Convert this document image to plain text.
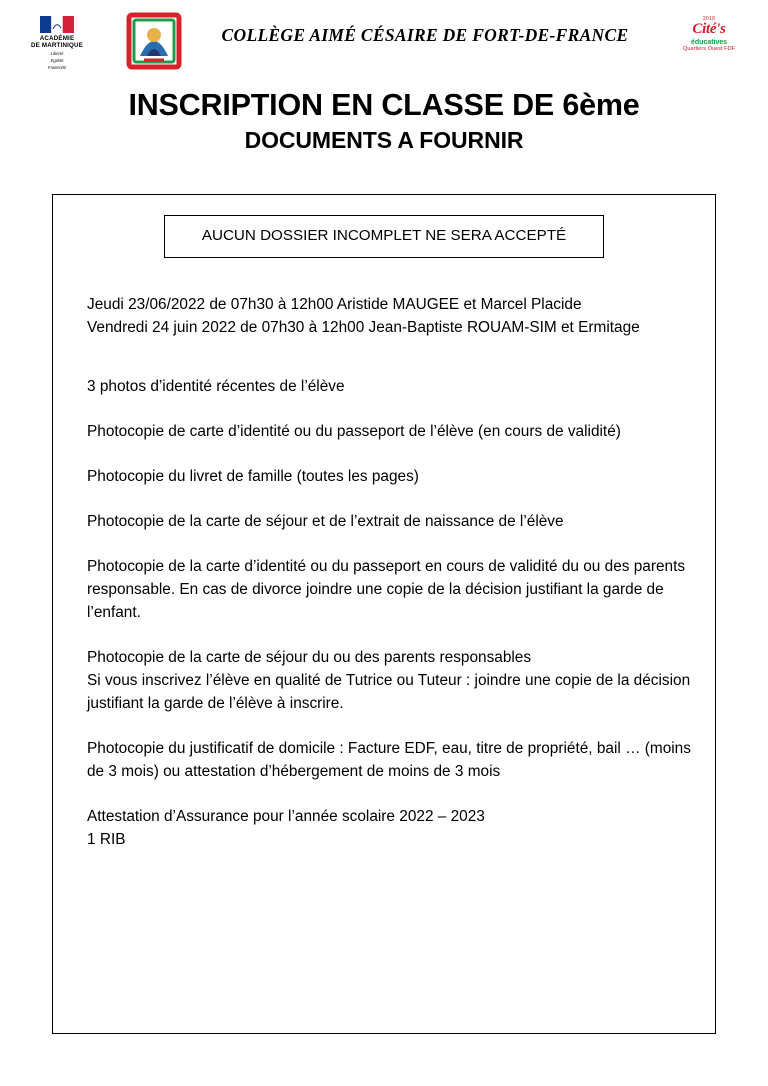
ACADÉMIE
DE MARTINIQUE
Liberté
Égalité
Fraternité
COLLÈGE AIMÉ CÉSAIRE DE FORT-DE-FRANCE
2018
Cité's
éducatives
Quartiers Ouest FDF
INSCRIPTION EN CLASSE DE 6ème
DOCUMENTS A FOURNIR
AUCUN DOSSIER INCOMPLET NE SERA ACCEPTÉ
Jeudi 23/06/2022 de 07h30 à 12h00 Aristide MAUGEE et Marcel Placide
Vendredi 24 juin 2022 de 07h30 à 12h00 Jean-Baptiste ROUAM-SIM et Ermitage
3 photos d’identité récentes de l’élève
Photocopie de carte d’identité ou du passeport de l’élève (en cours de validité)
Photocopie du livret de famille (toutes les pages)
Photocopie de la carte de séjour et de l’extrait de naissance de l’élève
Photocopie de la carte d’identité ou du passeport en cours de validité du ou des parents responsable. En cas de divorce joindre une copie de la décision justifiant la garde de l’enfant.
Photocopie de la carte de séjour du ou des parents responsables
Si vous inscrivez l’élève en qualité de Tutrice ou Tuteur : joindre une copie de la décision justifiant la garde de l’élève à inscrire.
Photocopie du justificatif de domicile : Facture EDF, eau, titre de propriété, bail … (moins de 3 mois) ou attestation d’hébergement de moins de 3 mois
Attestation d’Assurance pour l’année scolaire 2022 – 2023
1 RIB
